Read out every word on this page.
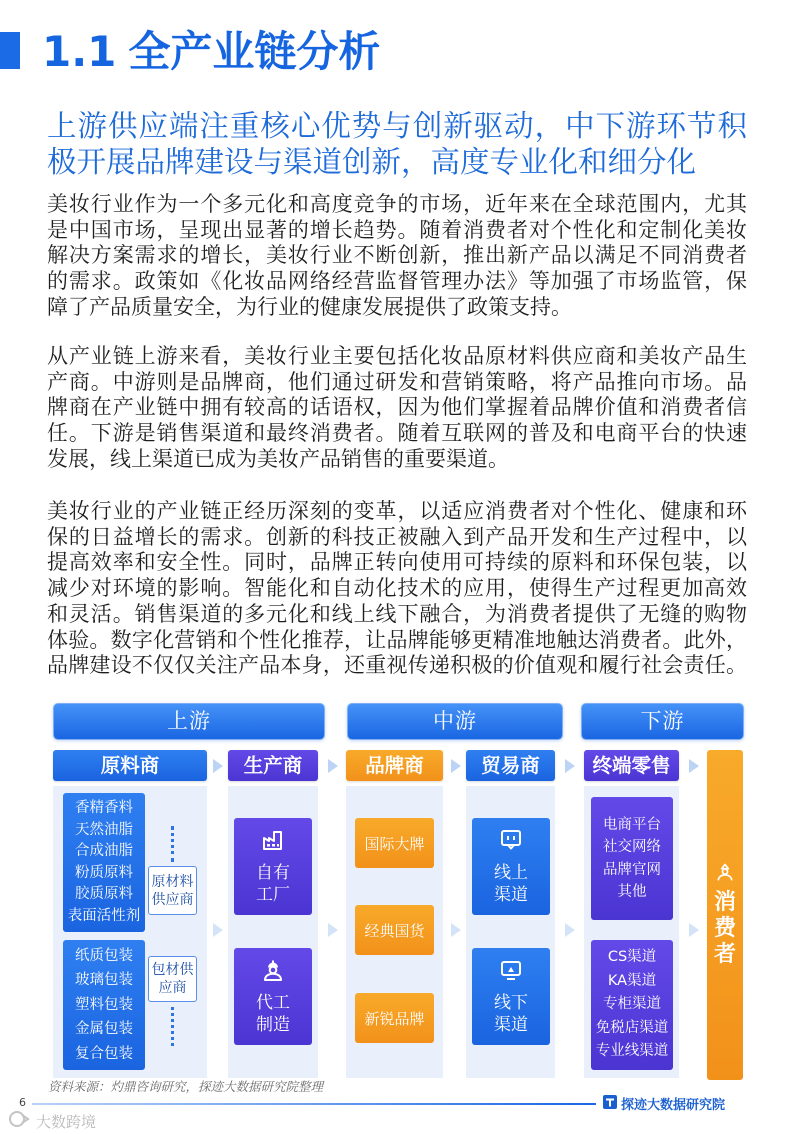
1.1 全产业链分析
上游供应端注重核心优势与创新驱动，中下游环节积
极开展品牌建设与渠道创新，高度专业化和细分化
美妆行业作为一个多元化和高度竞争的市场，近年来在全球范围内，尤其
是中国市场，呈现出显著的增长趋势。随着消费者对个性化和定制化美妆
解决方案需求的增长，美妆行业不断创新，推出新产品以满足不同消费者
的需求。政策如《化妆品网络经营监督管理办法》等加强了市场监管，保
障了产品质量安全，为行业的健康发展提供了政策支持。
从产业链上游来看，美妆行业主要包括化妆品原材料供应商和美妆产品生
产商。中游则是品牌商，他们通过研发和营销策略，将产品推向市场。品
牌商在产业链中拥有较高的话语权，因为他们掌握着品牌价值和消费者信
任。下游是销售渠道和最终消费者。随着互联网的普及和电商平台的快速
发展，线上渠道已成为美妆产品销售的重要渠道。
美妆行业的产业链正经历深刻的变革，以适应消费者对个性化、健康和环
保的日益增长的需求。创新的科技正被融入到产品开发和生产过程中，以
提高效率和安全性。同时，品牌正转向使用可持续的原料和环保包装，以
减少对环境的影响。智能化和自动化技术的应用，使得生产过程更加高效
和灵活。销售渠道的多元化和线上线下融合，为消费者提供了无缝的购物
体验。数字化营销和个性化推荐，让品牌能够更精准地触达消费者。此外，
品牌建设不仅仅关注产品本身，还重视传递积极的价值观和履行社会责任。
上游	中游	下游
原料商	生产商	品牌商	贸易商	终端零售
香精香料
天然油脂
合成油脂
粉质原料
胶质原料
表面活性剂
原材料供应商
纸质包装
玻璃包装
塑料包装
金属包装
复合包装
包材供应商
自有工厂
代工制造
国际大牌
经典国货
新锐品牌
线上渠道
线下渠道
电商平台
社交网络
品牌官网
其他
CS渠道
KA渠道
专柜渠道
免税店渠道
专业线渠道
消费者
资料来源：灼鼎咨询研究，探迹大数据研究院整理
6	探迹大数据研究院
大数跨境
